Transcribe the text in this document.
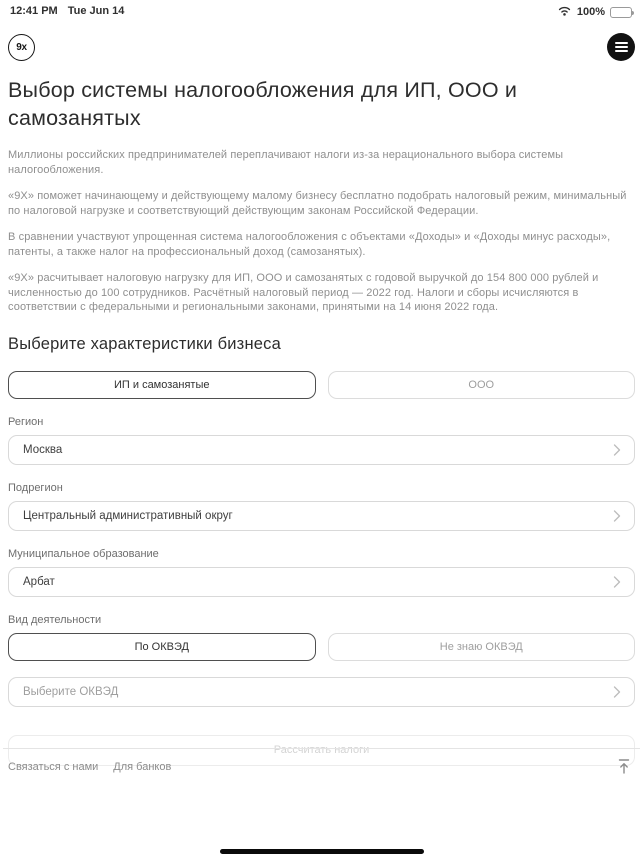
12:41 PM Tue Jun 14	100%
9x
Выбор системы налогообложения для ИП, ООО и самозанятых

Миллионы российских предпринимателей переплачивают налоги из-за нерационального выбора системы налогообложения.

«9X» поможет начинающему и действующему малому бизнесу бесплатно подобрать налоговый режим, минимальный по налоговой нагрузке и соответствующий действующим законам Российской Федерации.

В сравнении участвуют упрощенная система налогообложения с объектами «Доходы» и «Доходы минус расходы», патенты, а также налог на профессиональный доход (самозанятых).

«9X» расчитывает налоговую нагрузку для ИП, ООО и самозанятых с годовой выручкой до 154 800 000 рублей и численностью до 100 сотрудников. Расчётный налоговый период — 2022 год. Налоги и сборы исчисляются в соответствии с федеральными и региональными законами, принятыми на 14 июня 2022 года.

Выберите характеристики бизнеса
ИП и самозанятые	ООО
Регион
Москва
Подрегион
Центральный административный округ
Муниципальное образование
Арбат
Вид деятельности
По ОКВЭД	Не знаю ОКВЭД
Выберите ОКВЭД
Рассчитать налоги
Связаться с нами Для банков
